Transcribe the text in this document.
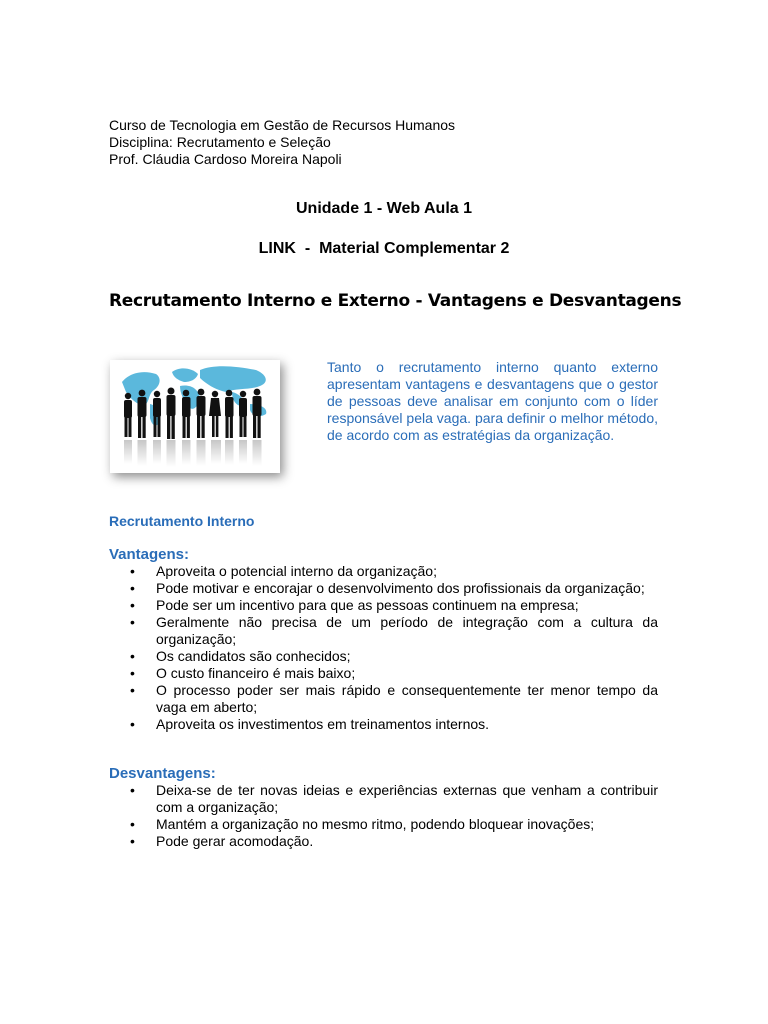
Curso de Tecnologia em Gestão de Recursos Humanos
Disciplina: Recrutamento e Seleção
Prof. Cláudia Cardoso Moreira Napoli
Unidade 1 - Web Aula 1
LINK  -  Material Complementar 2
Recrutamento Interno e Externo - Vantagens e Desvantagens
Tanto o recrutamento interno quanto externo apresentam vantagens e desvantagens que o gestor de pessoas deve analisar em conjunto com o líder responsável pela vaga. para definir o melhor método, de acordo com as estratégias da organização.
Recrutamento Interno
Vantagens:
• Aproveita o potencial interno da organização;
• Pode motivar e encorajar o desenvolvimento dos profissionais da organização;
• Pode ser um incentivo para que as pessoas continuem na empresa;
• Geralmente não precisa de um período de integração com a cultura da organização;
• Os candidatos são conhecidos;
• O custo financeiro é mais baixo;
• O processo poder ser mais rápido e consequentemente ter menor tempo da vaga em aberto;
• Aproveita os investimentos em treinamentos internos.
Desvantagens:
• Deixa-se de ter novas ideias e experiências externas que venham a contribuir com a organização;
• Mantém a organização no mesmo ritmo, podendo bloquear inovações;
• Pode gerar acomodação.
